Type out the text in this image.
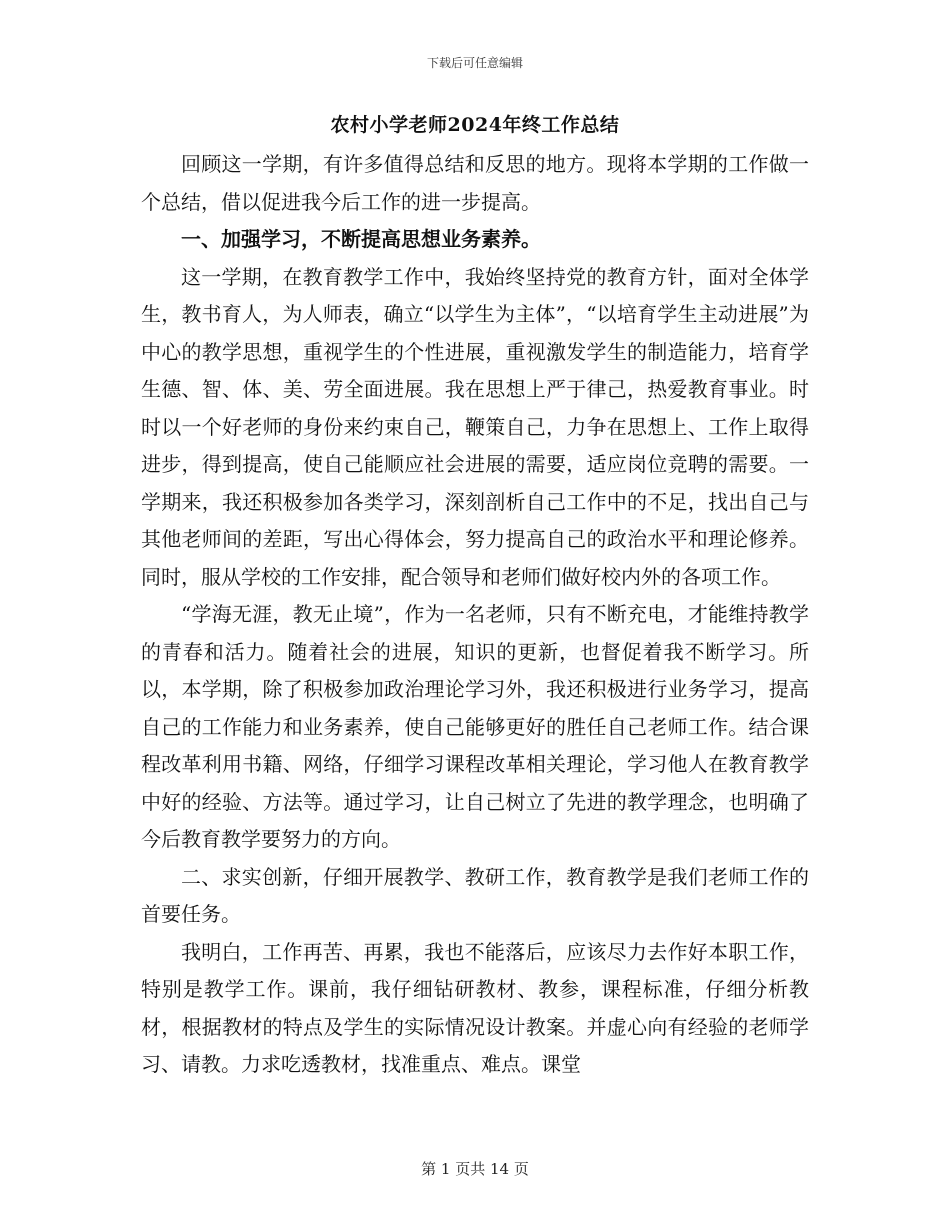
下载后可任意编辑
农村小学老师2024年终工作总结

回顾这一学期，有许多值得总结和反思的地方。现将本学期的工作做一个总结，借以促进我今后工作的进一步提高。

一、加强学习，不断提高思想业务素养。

这一学期，在教育教学工作中，我始终坚持党的教育方针，面对全体学生，教书育人，为人师表，确立“以学生为主体”，“以培育学生主动进展”为中心的教学思想，重视学生的个性进展，重视激发学生的制造能力，培育学生德、智、体、美、劳全面进展。我在思想上严于律己，热爱教育事业。时时以一个好老师的身份来约束自己，鞭策自己，力争在思想上、工作上取得进步，得到提高，使自己能顺应社会进展的需要，适应岗位竞聘的需要。一学期来，我还积极参加各类学习，深刻剖析自己工作中的不足，找出自己与其他老师间的差距，写出心得体会，努力提高自己的政治水平和理论修养。同时，服从学校的工作安排，配合领导和老师们做好校内外的各项工作。

“学海无涯，教无止境”，作为一名老师，只有不断充电，才能维持教学的青春和活力。随着社会的进展，知识的更新，也督促着我不断学习。所以，本学期，除了积极参加政治理论学习外，我还积极进行业务学习，提高自己的工作能力和业务素养，使自己能够更好的胜任自己老师工作。结合课程改革利用书籍、网络，仔细学习课程改革相关理论，学习他人在教育教学中好的经验、方法等。通过学习，让自己树立了先进的教学理念，也明确了今后教育教学要努力的方向。

二、求实创新，仔细开展教学、教研工作，教育教学是我们老师工作的首要任务。

我明白，工作再苦、再累，我也不能落后，应该尽力去作好本职工作，特别是教学工作。课前，我仔细钻研教材、教参，课程标准，仔细分析教材，根据教材的特点及学生的实际情况设计教案。并虚心向有经验的老师学习、请教。力求吃透教材，找准重点、难点。课堂

第 1 页共 14 页
